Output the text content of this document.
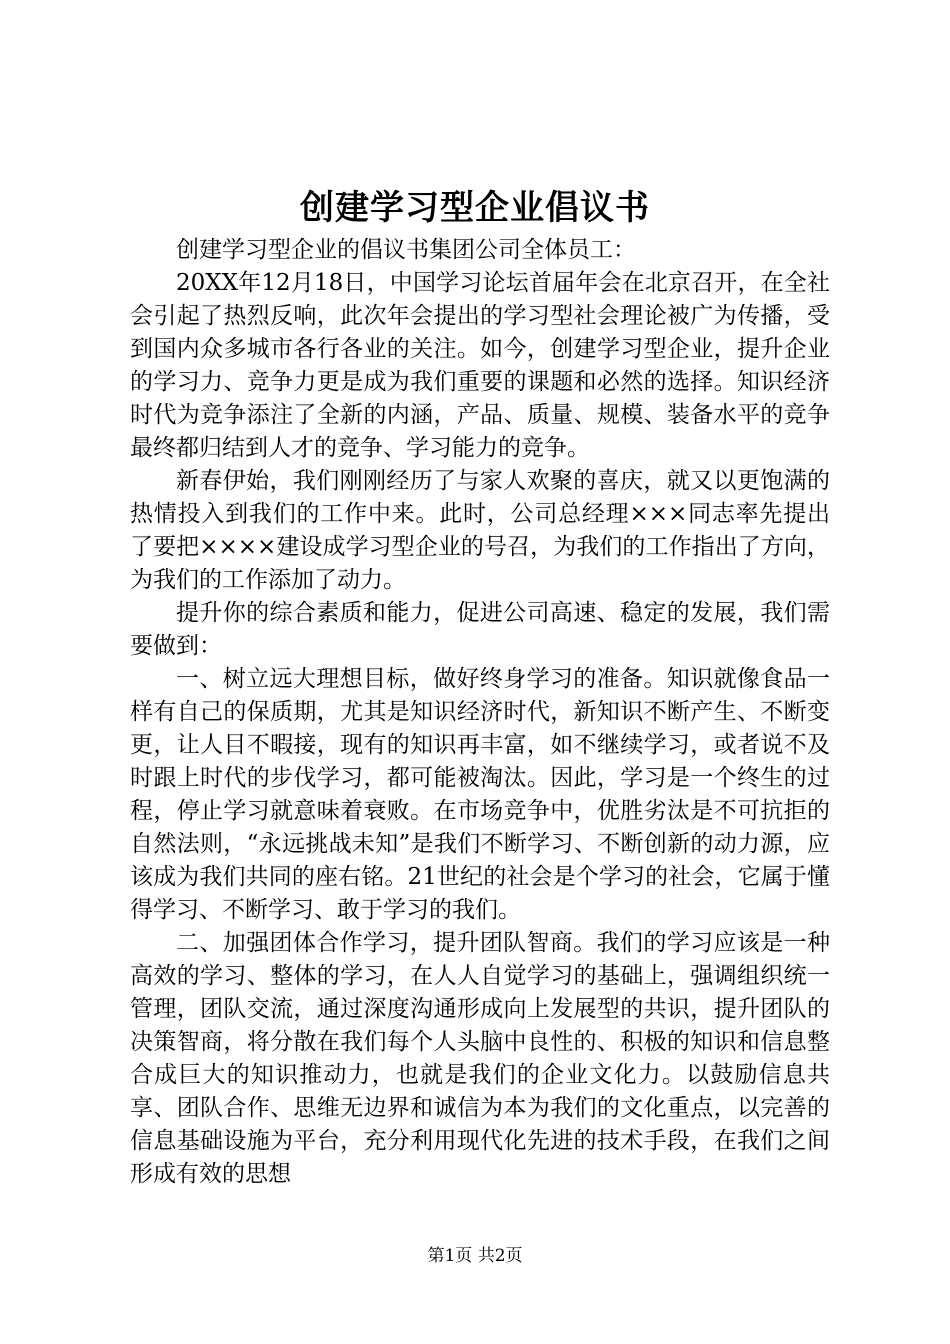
创建学习型企业倡议书

创建学习型企业的倡议书集团公司全体员工：

20XX年12月18日，中国学习论坛首届年会在北京召开，在全社会引起了热烈反响，此次年会提出的学习型社会理论被广为传播，受到国内众多城市各行各业的关注。如今，创建学习型企业，提升企业的学习力、竞争力更是成为我们重要的课题和必然的选择。知识经济时代为竞争添注了全新的内涵，产品、质量、规模、装备水平的竞争最终都归结到人才的竞争、学习能力的竞争。

新春伊始，我们刚刚经历了与家人欢聚的喜庆，就又以更饱满的热情投入到我们的工作中来。此时，公司总经理×××同志率先提出了要把××××建设成学习型企业的号召，为我们的工作指出了方向，为我们的工作添加了动力。

提升你的综合素质和能力，促进公司高速、稳定的发展，我们需要做到：

一、树立远大理想目标，做好终身学习的准备。知识就像食品一样有自己的保质期，尤其是知识经济时代，新知识不断产生、不断变更，让人目不暇接，现有的知识再丰富，如不继续学习，或者说不及时跟上时代的步伐学习，都可能被淘汰。因此，学习是一个终生的过程，停止学习就意味着衰败。在市场竞争中，优胜劣汰是不可抗拒的自然法则，“永远挑战未知”是我们不断学习、不断创新的动力源，应该成为我们共同的座右铭。21世纪的社会是个学习的社会，它属于懂得学习、不断学习、敢于学习的我们。

二、加强团体合作学习，提升团队智商。我们的学习应该是一种高效的学习、整体的学习，在人人自觉学习的基础上，强调组织统一管理，团队交流，通过深度沟通形成向上发展型的共识，提升团队的决策智商，将分散在我们每个人头脑中良性的、积极的知识和信息整合成巨大的知识推动力，也就是我们的企业文化力。以鼓励信息共享、团队合作、思维无边界和诚信为本为我们的文化重点，以完善的信息基础设施为平台，充分利用现代化先进的技术手段，在我们之间形成有效的思想

第1页 共2页
